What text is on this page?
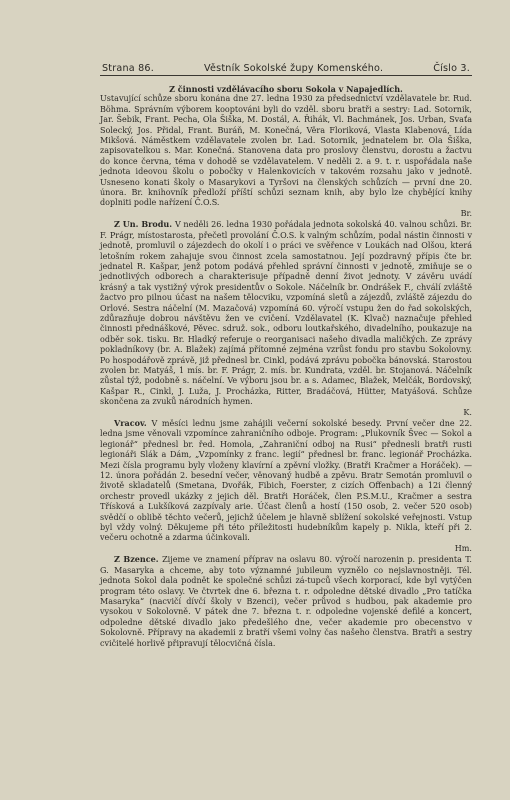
Strana 86.	Věstník Sokolské župy Komenského.	Číslo 3.

Z činnosti vzdělávacího sboru Sokola v Napajedlích.
Ustavující schůze sboru konána dne 27. ledna 1930 za předsednictví vzdělavatele br. Rud. Böhma. Správním výborem kooptováni byli do vzděl. sboru bratři a sestry: Lad. Sotornik, Jar. Šebik, Frant. Pecha, Ola Šiška, M. Dostál, A. Řihák, Vl. Bachmánek, Jos. Urban, Svaťa Solecký, Jos. Přidal, Frant. Buráň, M. Konečná, Věra Floriková, Vlasta Klabenová, Lída Mikšová. Náměstkem vzdělavatele zvolen br. Lad. Sotornik, jednatelem br. Ola Šiška, zapisovatelkou s. Mar. Konečná. Stanovena data pro proslovy členstvu, dorostu a žactvu do konce června, téma v dohodě se vzdělavatelem. V neděli 2. a 9. t. r. uspořádala naše jednota ideovou školu o pobočky v Halenkovicích v takovém rozsahu jako v jednotě. Usneseno konati školy o Masarykovi a Tyršovi na členských schůzích — první dne 20. února. Br. knihovník předloží příští schůzi seznam knih, aby bylo lze chybějící knihy doplniti podle nařízení Č.O.S.

Br.

Z Un. Brodu. V neděli 26. ledna 1930 pořádala jednota sokolská 40. valnou schůzi. Br. F. Prágr, místostarosta, přečetl provolání Č.O.S. k valným schůzím, podal nástin činnosti v jednotě, promluvil o zájezdech do okolí i o práci ve svěřence v Loukách nad Olšou, která letošním rokem zahajuje svou činnost zcela samostatnou. Její pozdravný přípis čte br. jednatel R. Kašpar, jenž potom podává přehled správní činnosti v jednotě, zmiňuje se o jednotlivých odborech a charakterisuje případně denní život jednoty. V závěru uvádí krásný a tak vystižný výrok presidentův o Sokole. Náčelník br. Ondrášek F., chválí zvláště žactvo pro pilnou účast na našem tělocviku, vzpomíná sletů a zájezdů, zvláště zájezdu do Orlové. Sestra náčelní (M. Mazačová) vzpomíná 60. výročí vstupu žen do řad sokolských, zdůrazňuje dobrou návštěvu žen ve cvičení. Vzdělavatel (K. Klvač) naznačuje přehled činnosti přednáškové, Pěvec. sdruž. sok., odboru loutkařského, divadelního, poukazuje na odběr sok. tisku. Br. Hladký referuje o reorganisaci našeho divadla maličkých. Ze zprávy pokladníkovy (br. A. Blažek) zajímá přítomné zejména vzrůst fondu pro stavbu Sokolovny. Po hospodářově zprávě, již přednesl br. Cinkl, podává zprávu pobočka bánovská. Starostou zvolen br. Matyáš, 1 mís. br. F. Prágr, 2. mís. br. Kundrata, vzděl. br. Stojanová. Náčelník zůstal týž, podobně s. náčelní. Ve výboru jsou br. a s. Adamec, Blažek, Melčák, Bordovský, Kašpar R., Cinkl, J. Luža, J. Procházka, Ritter, Bradáčová, Hütter, Matyášová. Schůze skončena za zvuků národních hymen.

K.

Vracov. V měsíci lednu jsme zahájili večerní sokolské besedy. První večer dne 22. ledna jsme věnovali vzpomínce zahraničního odboje. Program: „Plukovník Švec — Sokol a legionář“ přednesl br. řed. Homola, „Zahraniční odboj na Rusi“ přednesli bratři rusti legionáři Slák a Dám, „Vzpomínky z franc. legií“ přednesl br. franc. legionář Procházka. Mezi čísla programu byly vloženy klavírní a zpěvní vložky. (Bratři Kračmer a Horáček). — 12. února pořádán 2. besední večer, věnovaný hudbě a zpěvu. Bratr Semotán promluvil o životě skladatelů (Smetana, Dvořák, Fibich, Foerster, z cizích Offenbach) a 12i členný orchestr provedl ukázky z jejich děl. Bratři Horáček, člen P.S.M.U., Kračmer a sestra Třísková a Lukšíková zazpívaly arie. Účast členů a hostí (150 osob, 2. večer 520 osob) svědčí o oblibě těchto večerů, jejichž účelem je hlavně sblížení sokolské veřejnosti. Vstup byl vždy volný. Děkujeme při této příležitosti hudebníkům kapely p. Nikla, kteří při 2. večeru ochotně a zdarma účinkovali.

Hm.

Z Bzence. Zijeme ve znamení příprav na oslavu 80. výročí narozenin p. presidenta T. G. Masaryka a chceme, aby toto významné jubileum vyznělo co nejslavnostněji. Tél. jednota Sokol dala podnět ke společné schůzi zá-tupců všech korporací, kde byl vytýčen program této oslavy. Ve čtvrtek dne 6. března t. r. odpoledne dětské divadlo „Pro tatíčka Masaryka“ (nacvičí dívčí školy v Bzenci), večer průvod s hudbou, pak akademie pro vysokou v Sokolovně. V pátek dne 7. března t. r. odpoledne vojenské defilé a koncert, odpoledne dětské divadlo jako předešlého dne, večer akademie pro obecenstvo v Sokolovně. Přípravy na akademii z bratří všemi volny čas našeho členstva. Bratři a sestry cvičitelé horlivě připravují tělocvičná čísla.
